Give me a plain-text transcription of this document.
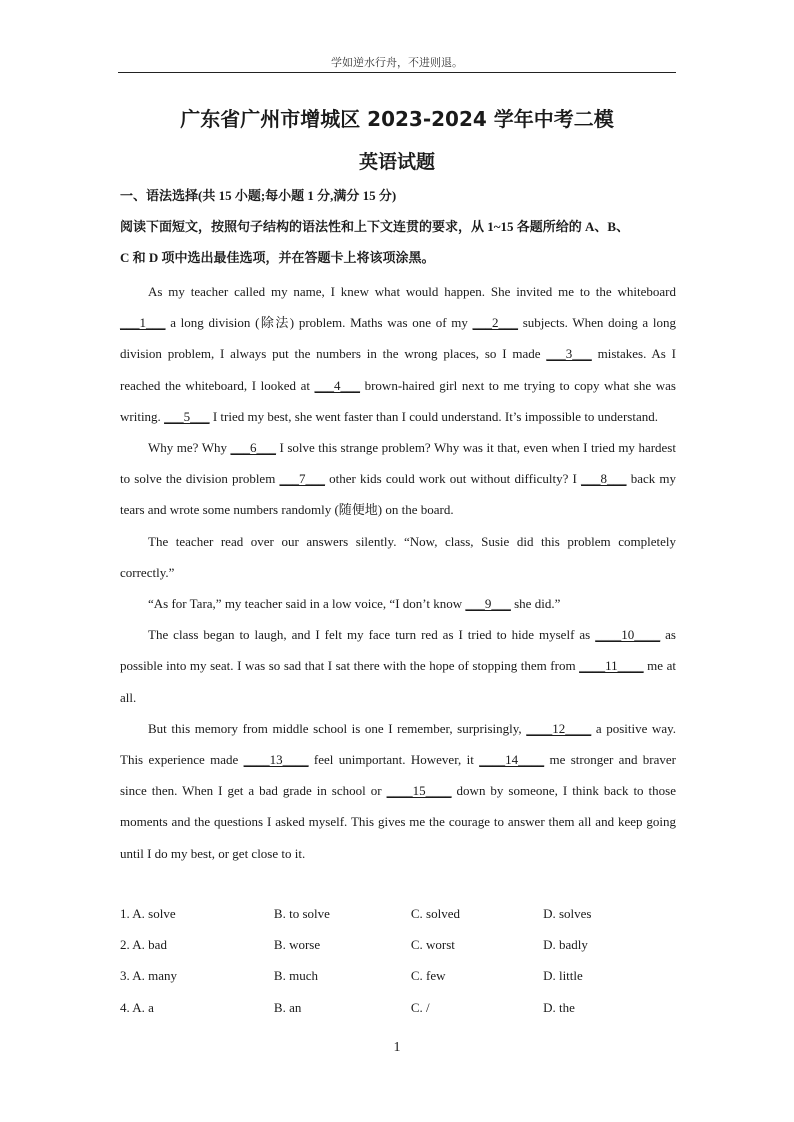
学如逆水行舟，不进则退。
广东省广州市增城区 2023-2024 学年中考二模
英语试题
一、语法选择(共 15 小题;每小题 1 分,满分 15 分)
阅读下面短文，按照句子结构的语法性和上下文连贯的要求，从 1~15 各题所给的 A、B、
C 和 D 项中选出最佳选项，并在答题卡上将该项涂黑。

As my teacher called my name, I knew what would happen. She invited me to the whiteboard ___1___ a long division (除法) problem. Maths was one of my ___2___ subjects. When doing a long division problem, I always put the numbers in the wrong places, so I made ___3___ mistakes. As I reached the whiteboard, I looked at ___4___ brown-haired girl next to me trying to copy what she was writing. ___5___ I tried my best, she went faster than I could understand. It’s impossible to understand.

Why me? Why ___6___ I solve this strange problem? Why was it that, even when I tried my hardest to solve the division problem ___7___ other kids could work out without difficulty? I ___8___ back my tears and wrote some numbers randomly (随便地) on the board.

The teacher read over our answers silently. “Now, class, Susie did this problem completely correctly.”

“As for Tara,” my teacher said in a low voice, “I don’t know ___9___ she did.”

The class began to laugh, and I felt my face turn red as I tried to hide myself as ____10____ as possible into my seat. I was so sad that I sat there with the hope of stopping them from ____11____ me at all.

But this memory from middle school is one I remember, surprisingly, ____12____ a positive way. This experience made ____13____ feel unimportant. However, it ____14____ me stronger and braver since then. When I get a bad grade in school or ____15____ down by someone, I think back to those moments and the questions I asked myself. This gives me the courage to answer them all and keep going until I do my best, or get close to it.

1. A. solve	B. to solve	C. solved	D. solves
2. A. bad	B. worse	C. worst	D. badly
3. A. many	B. much	C. few	D. little
4. A. a	B. an	C. /	D. the
1
